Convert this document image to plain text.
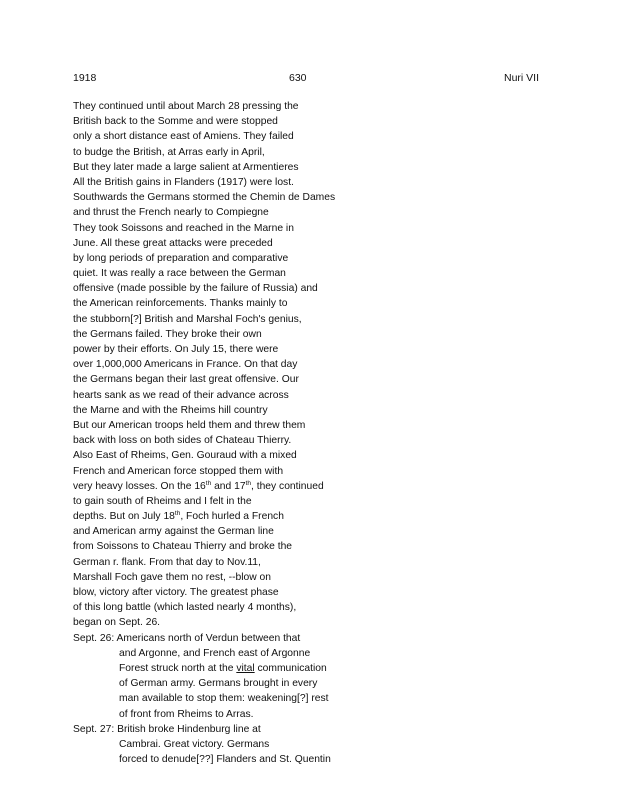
1918	630	Nuri VII
They continued until about March 28 pressing the
British back to the Somme and were stopped
only a short distance east of Amiens. They failed
to budge the British, at Arras early in April,
But they later made a large salient at Armentieres
All the British gains in Flanders (1917) were lost.
Southwards the Germans stormed the Chemin de Dames
and thrust the French nearly to Compiegne
They took Soissons and reached in the Marne in
June. All these great attacks were preceded
by long periods of preparation and comparative
quiet. It was really a race between the German
offensive (made possible by the failure of Russia) and
the American reinforcements. Thanks mainly to
the stubborn[?] British and Marshal Foch's genius,
the Germans failed. They broke their own
power by their efforts. On July 15, there were
over 1,000,000 Americans in France. On that day
the Germans began their last great offensive. Our
hearts sank as we read of their advance across
the Marne and with the Rheims hill country
But our American troops held them and threw them
back with loss on both sides of Chateau Thierry.
Also East of Rheims, Gen. Gouraud with a mixed
French and American force stopped them with
very heavy losses. On the 16th and 17th, they continued
to gain south of Rheims and I felt in the
depths. But on July 18th, Foch hurled a French
and American army against the German line
from Soissons to Chateau Thierry and broke the
German r. flank. From that day to Nov.11,
Marshall Foch gave them no rest, --blow on
blow, victory after victory. The greatest phase
of this long battle (which lasted nearly 4 months),
began on Sept. 26.
Sept. 26: Americans north of Verdun between that
and Argonne, and French east of Argonne
Forest struck north at the vital communication
of German army. Germans brought in every
man available to stop them: weakening[?] rest
of front from Rheims to Arras.
Sept. 27: British broke Hindenburg line at
Cambrai. Great victory. Germans
forced to denude[??] Flanders and St. Quentin
